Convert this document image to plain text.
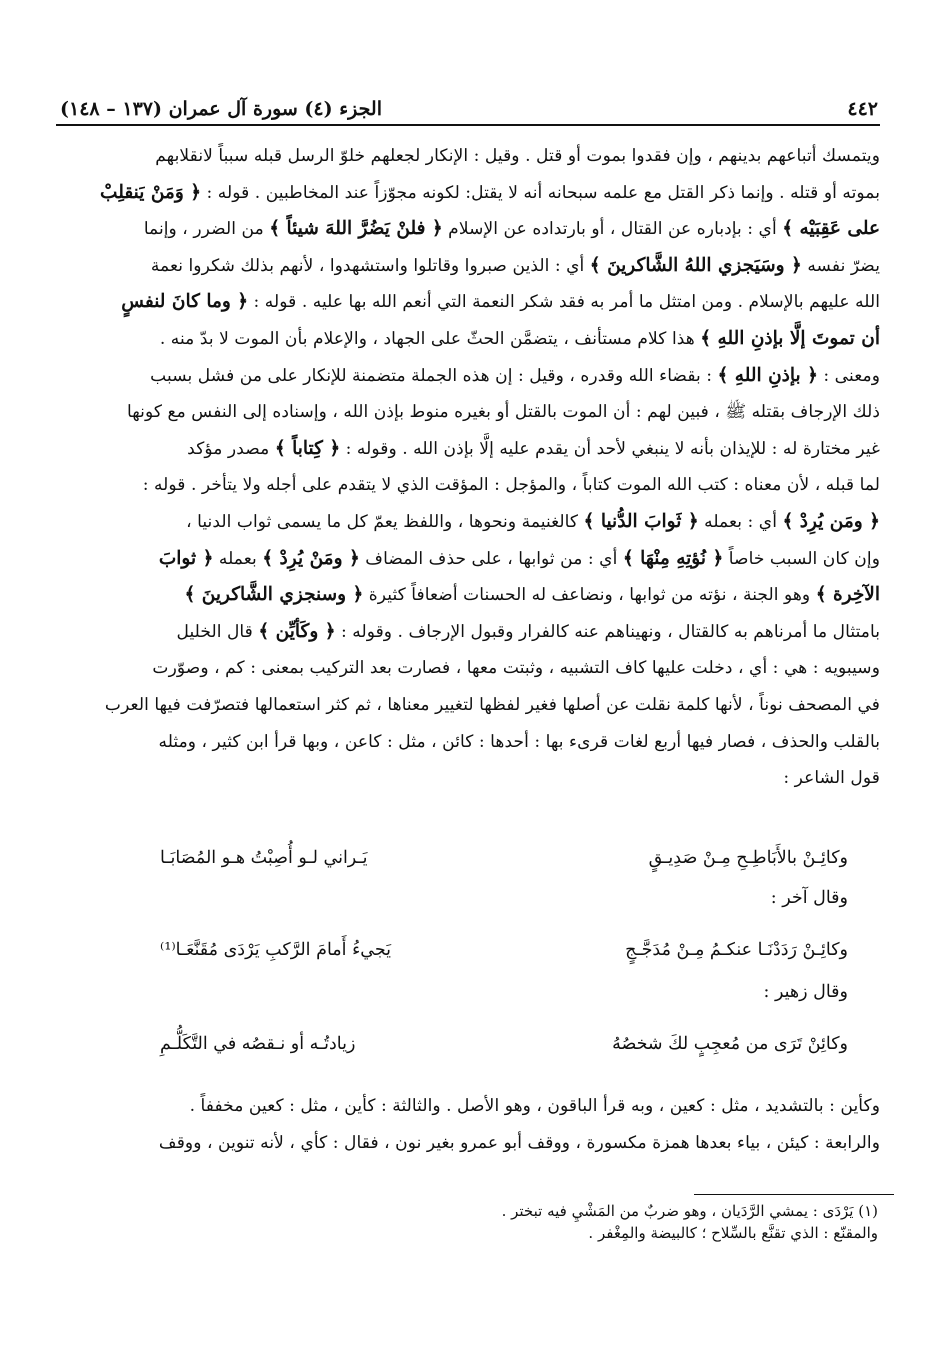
٤٤٢
الجزء (٤) سورة آل عمران (١٣٧ – ١٤٨)
ويتمسك أتباعهم بدينهم ، وإن فقدوا بموت أو قتل . وقيل : الإنكار لجعلهم خلوّ الرسل قبله سبباً لانقلابهم
بموته أو قتله . وإنما ذكر القتل مع علمه سبحانه أنه لا يقتل: لكونه مجوّزاً عند المخاطبين . قوله : ﴿ وَمَنْ يَنقلِبْ
على عَقِبَيْه ﴾ أي : بإدباره عن القتال ، أو بارتداده عن الإسلام ﴿ فلنْ يَضُرَّ اللهَ شيئاً ﴾ من الضرر ، وإنما
يضرّ نفسه ﴿ وسَيَجزي اللهُ الشَّاكرينَ ﴾ أي : الذين صبروا وقاتلوا واستشهدوا ، لأنهم بذلك شكروا نعمة
الله عليهم بالإسلام . ومن امتثل ما أمر به فقد شكر النعمة التي أنعم الله بها عليه . قوله : ﴿ وما كانَ لنفسٍ
أن تموتَ إلَّا بإذنِ اللهِ ﴾ هذا كلام مستأنف ، يتضمَّن الحثّ على الجهاد ، والإعلام بأن الموت لا بدّ منه .
ومعنى : ﴿ بإذنِ اللهِ ﴾ : بقضاء الله وقدره ، وقيل : إن هذه الجملة متضمنة للإنكار على من فشل بسبب
ذلك الإرجاف بقتله ﷺ ، فبين لهم : أن الموت بالقتل أو بغيره منوط بإذن الله ، وإسناده إلى النفس مع كونها
غير مختارة له : للإيذان بأنه لا ينبغي لأحد أن يقدم عليه إلَّا بإذن الله . وقوله : ﴿ كِتاباً ﴾ مصدر مؤكد
لما قبله ، لأن معناه : كتب الله الموت كتاباً ، والمؤجل : المؤقت الذي لا يتقدم على أجله ولا يتأخر . قوله :
﴿ ومَن يُرِدْ ﴾ أي : بعمله ﴿ ثَوابَ الدُّنيا ﴾ كالغنيمة ونحوها ، واللفظ يعمّ كل ما يسمى ثواب الدنيا ،
وإن كان السبب خاصاً ﴿ نُؤتِهِ مِنْهَا ﴾ أي : من ثوابها ، على حذف المضاف ﴿ ومَنْ يُرِدْ ﴾ بعمله ﴿ ثوابَ
الآخِرة ﴾ وهو الجنة ، نؤته من ثوابها ، ونضاعف له الحسنات أضعافاً كثيرة ﴿ وسنجزي الشَّاكرينَ ﴾
بامتثال ما أمرناهم به كالقتال ، ونهيناهم عنه كالفرار وقبول الإرجاف . وقوله : ﴿ وكَأيِّن ﴾ قال الخليل
وسيبويه : هي : أي ، دخلت عليها كاف التشبيه ، وثبتت معها ، فصارت بعد التركيب بمعنى : كم ، وصوّرت
في المصحف نوناً ، لأنها كلمة نقلت عن أصلها فغير لفظها لتغيير معناها ، ثم كثر استعمالها فتصرّفت فيها العرب
بالقلب والحذف ، فصار فيها أربع لغات قرىء بها : أحدها : كائن ، مثل : كاعن ، وبها قرأ ابن كثير ، ومثله
قول الشاعر :
وكائِـنْ بالأَبَاطِـحِ مِـنْ صَدِيـقٍ
يَـراني لـو أُصِبْتُ هـو المُصَابَـا
وقال آخر :
وكائِـنْ رَدَدْنَـا عنكـمُ مِـنْ مُدَجَّـجٍ
يَجيءُ أَمامَ الرَّكبِ يَرْدَى مُقَنَّعَـا⁽¹⁾
وقال زهير :
وكائِنْ تَرَى من مُعجِبٍ لكَ شخصُهُ
زيادتُـه أو نـقصُه في التَّكَلُّـمِ
وكأين : بالتشديد ، مثل : كعين ، وبه قرأ الباقون ، وهو الأصل . والثالثة : كأين ، مثل : كعين مخففاً .
والرابعة : كيئن ، بياء بعدها همزة مكسورة ، ووقف أبو عمرو بغير نون ، فقال : كأي ، لأنه تنوين ، ووقف
(١) يَرْدَى : يمشي الرَّدَيان ، وهو ضربٌ من المَشْيِ فيه تبختر .
والمقنّع : الذي تقنَّع بالسِّلاح ؛ كالبيضة والمِغْفر .
